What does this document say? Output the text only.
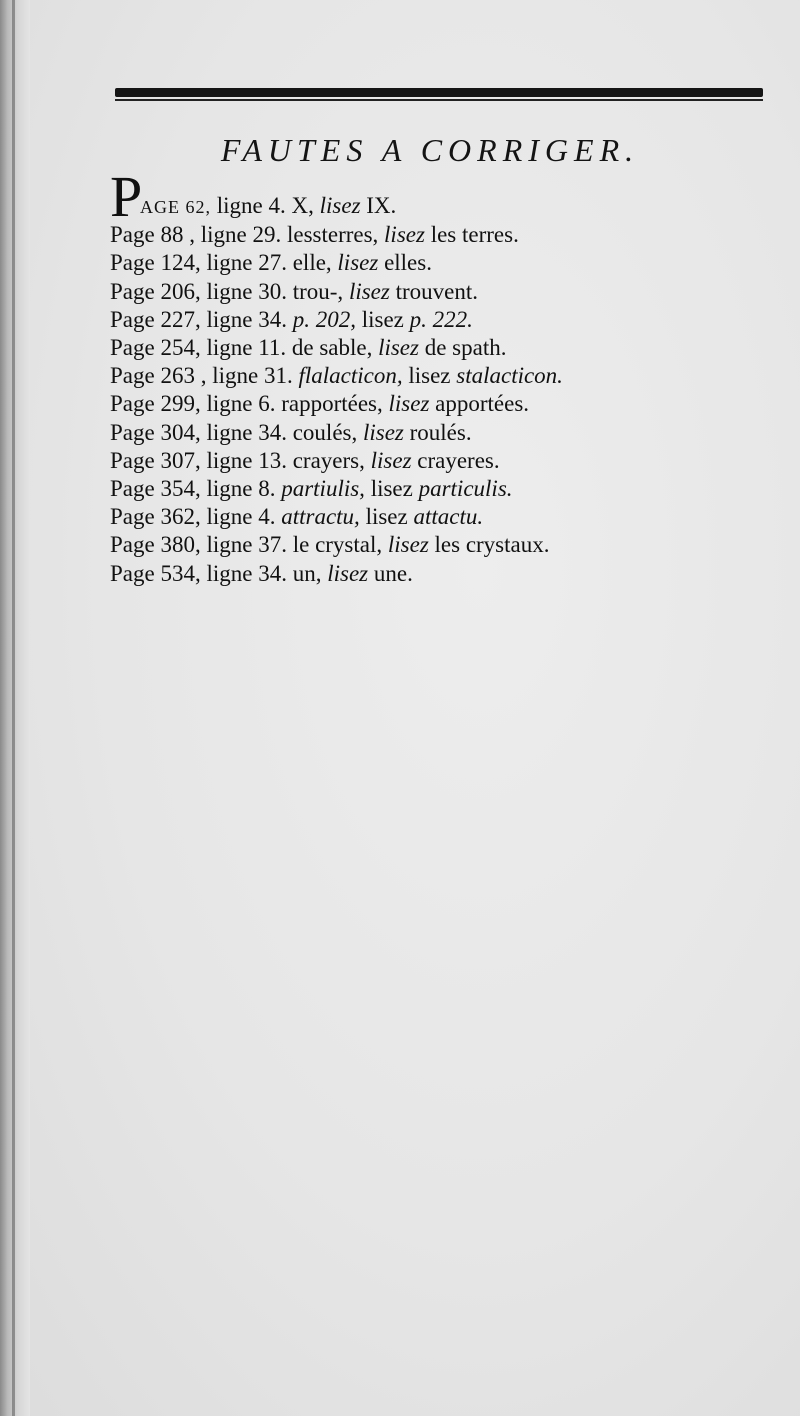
FAUTES A CORRIGER.
P
AGE 62, ligne 4. X, lisez IX.
Page 88 , ligne 29. lessterres, lisez les terres.
Page 124, ligne 27. elle, lisez elles.
Page 206, ligne 30. trou-, lisez trouvent.
Page 227, ligne 34. p. 202, lisez p. 222.
Page 254, ligne 11. de sable, lisez de spath.
Page 263 , ligne 31. flalacticon, lisez stalacticon.
Page 299, ligne 6. rapportées, lisez apportées.
Page 304, ligne 34. coulés, lisez roulés.
Page 307, ligne 13. crayers, lisez crayeres.
Page 354, ligne 8. partiulis, lisez particulis.
Page 362, ligne 4. attractu, lisez attactu.
Page 380, ligne 37. le crystal, lisez les crystaux.
Page 534, ligne 34. un, lisez une.
